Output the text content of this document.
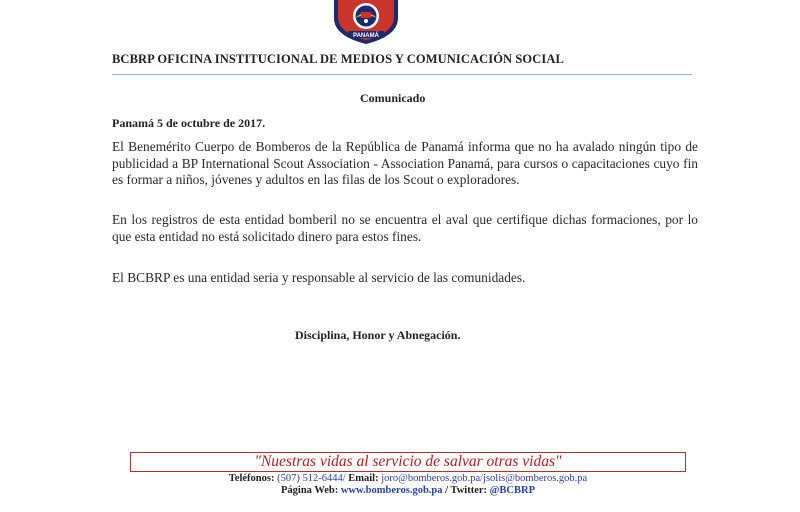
PANAMÁ
BCBRP OFICINA INSTITUCIONAL DE MEDIOS Y COMUNICACIÓN SOCIAL
Comunicado
Panamá 5 de octubre de 2017.
El Benemérito Cuerpo de Bomberos de la República de Panamá informa que no ha avalado ningún tipo de publicidad a BP International Scout Association - Association Panamá, para cursos o capacitaciones cuyo fin es formar a niños, jóvenes y adultos en las filas de los Scout o exploradores.
En los registros de esta entidad bomberil no se encuentra el aval que certifique dichas formaciones, por lo que esta entidad no está solicitado dinero para estos fines.
El BCBRP es una entidad seria y responsable al servicio de las comunidades.
Disciplina, Honor y Abnegación.
"Nuestras vidas al servicio de salvar otras vidas"
Teléfonos: (507) 512-6444/ Email: joro@bomberos.gob.pa/jsolis@bomberos.gob.pa
Página Web: www.bomberos.gob.pa / Twitter: @BCBRP
